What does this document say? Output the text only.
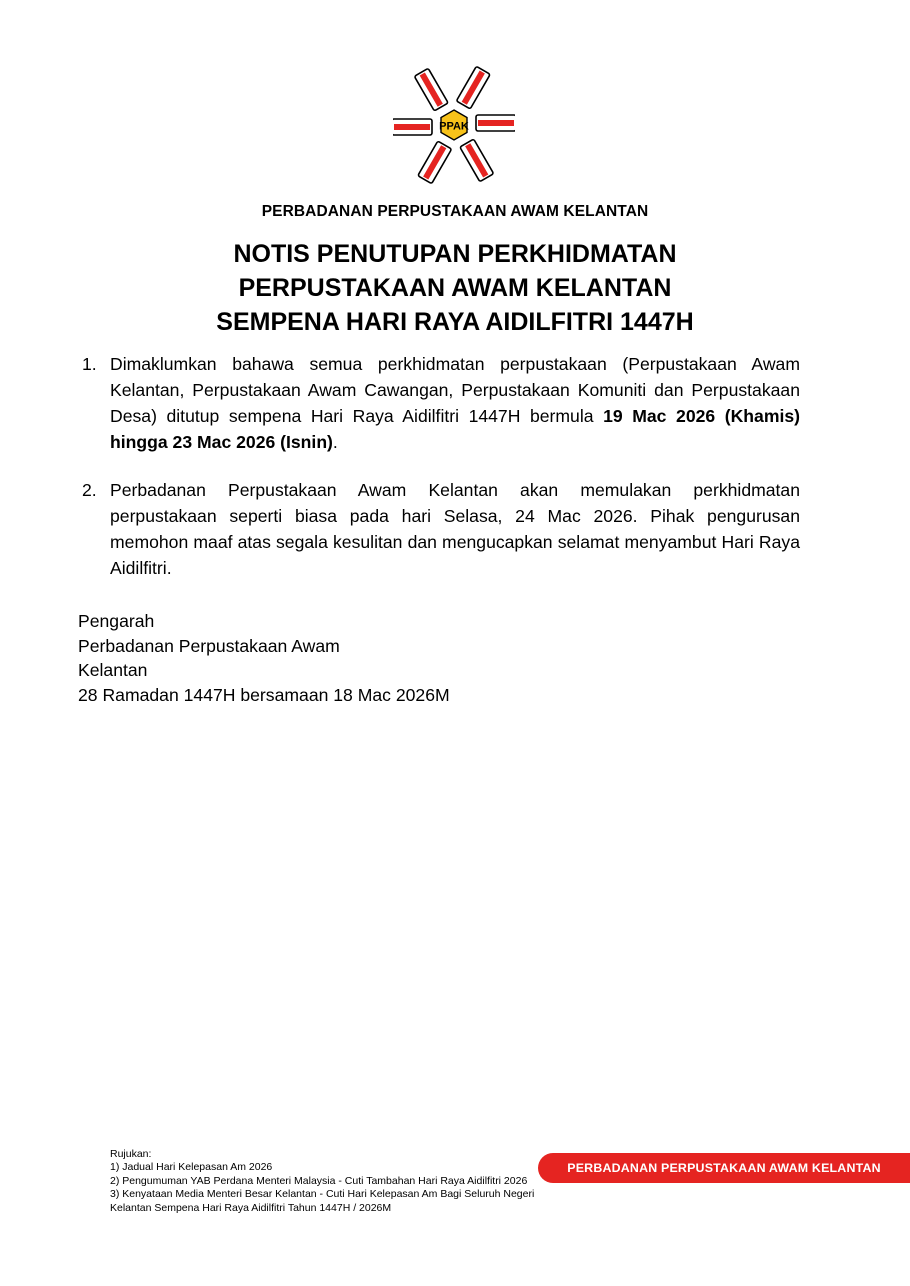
PPAK
PERBADANAN PERPUSTAKAAN AWAM KELANTAN
NOTIS PENUTUPAN PERKHIDMATAN
PERPUSTAKAAN AWAM KELANTAN
SEMPENA HARI RAYA AIDILFITRI 1447H
1. Dimaklumkan bahawa semua perkhidmatan perpustakaan (Perpustakaan Awam Kelantan, Perpustakaan Awam Cawangan, Perpustakaan Komuniti dan Perpustakaan Desa) ditutup sempena Hari Raya Aidilfitri 1447H bermula 19 Mac 2026 (Khamis) hingga 23 Mac 2026 (Isnin).
2. Perbadanan Perpustakaan Awam Kelantan akan memulakan perkhidmatan perpustakaan seperti biasa pada hari Selasa, 24 Mac 2026. Pihak pengurusan memohon maaf atas segala kesulitan dan mengucapkan selamat menyambut Hari Raya Aidilfitri.
Pengarah
Perbadanan Perpustakaan Awam
Kelantan
28 Ramadan 1447H bersamaan 18 Mac 2026M
Rujukan:
1) Jadual Hari Kelepasan Am 2026
2) Pengumuman YAB Perdana Menteri Malaysia - Cuti Tambahan Hari Raya Aidilfitri 2026
3) Kenyataan Media Menteri Besar Kelantan - Cuti Hari Kelepasan Am Bagi Seluruh Negeri Kelantan Sempena Hari Raya Aidilfitri Tahun 1447H / 2026M
PERBADANAN PERPUSTAKAAN AWAM KELANTAN
